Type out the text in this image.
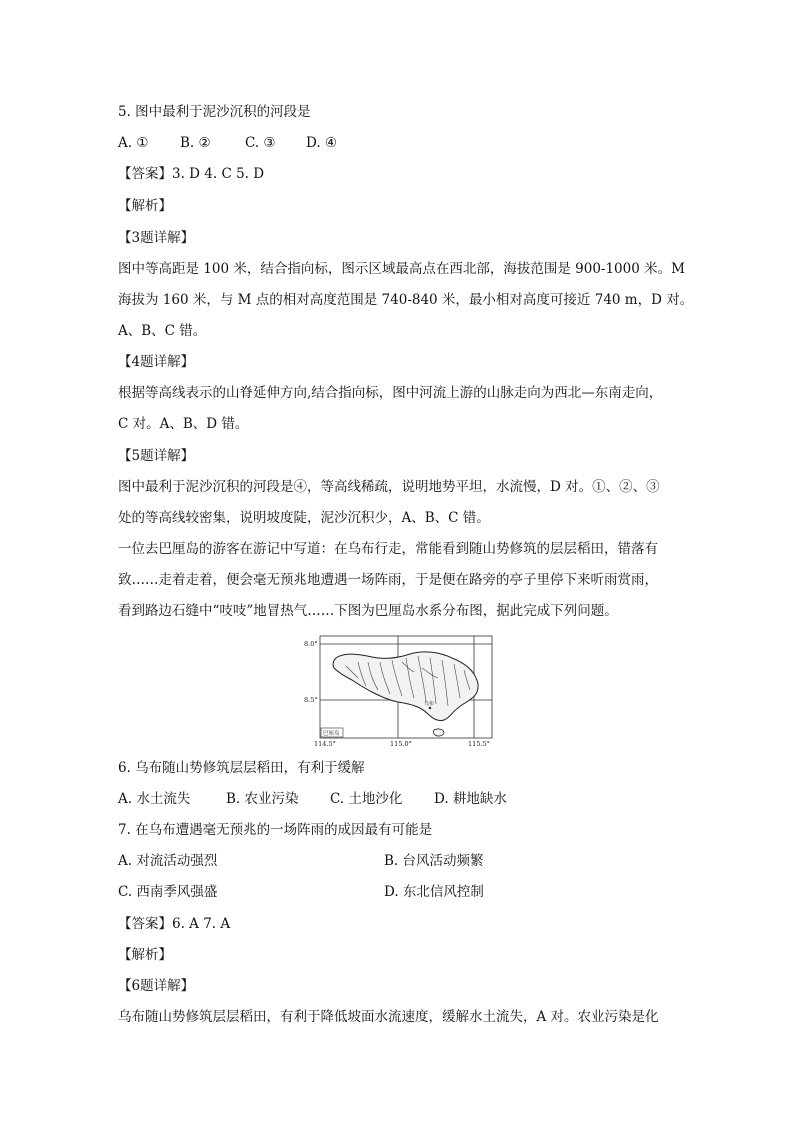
5. 图中最利于泥沙沉积的河段是
A. ① B. ②	C. ③ D. ④
【答案】3. D 4. C 5. D
【解析】
【3题详解】
图中等高距是 100 米，结合指向标，图示区域最高点在西北部，海拔范围是 900-1000 米。M
海拔为 160 米，与 M 点的相对高度范围是 740-840 米，最小相对高度可接近 740 m，D 对。
A、B、C 错。
【4题详解】
根据等高线表示的山脊延伸方向,结合指向标，图中河流上游的山脉走向为西北—东南走向，
C 对。A、B、D 错。
【5题详解】
图中最利于泥沙沉积的河段是④，等高线稀疏，说明地势平坦，水流慢，D 对。①、②、③
处的等高线较密集，说明坡度陡，泥沙沉积少，A、B、C 错。
一位去巴厘岛的游客在游记中写道：在乌布行走，常能看到随山势修筑的层层稻田，错落有
致……走着走着，便会毫无预兆地遭遇一场阵雨，于是便在路旁的亭子里停下来听雨赏雨，
看到路边石缝中“吱吱”地冒热气……下图为巴厘岛水系分布图，据此完成下列问题。
8.0°
8.5°
114.5°	115.0°	115.5°
巴厘岛
乌布
6. 乌布随山势修筑层层稻田，有利于缓解
A. 水土流失	B. 农业污染 C. 土地沙化 D. 耕地缺水
7. 在乌布遭遇毫无预兆的一场阵雨的成因最有可能是
A. 对流活动强烈	B. 台风活动频繁
C. 西南季风强盛	D. 东北信风控制
【答案】6. A 7. A
【解析】
【6题详解】
乌布随山势修筑层层稻田，有利于降低坡面水流速度，缓解水土流失，A 对。农业污染是化
